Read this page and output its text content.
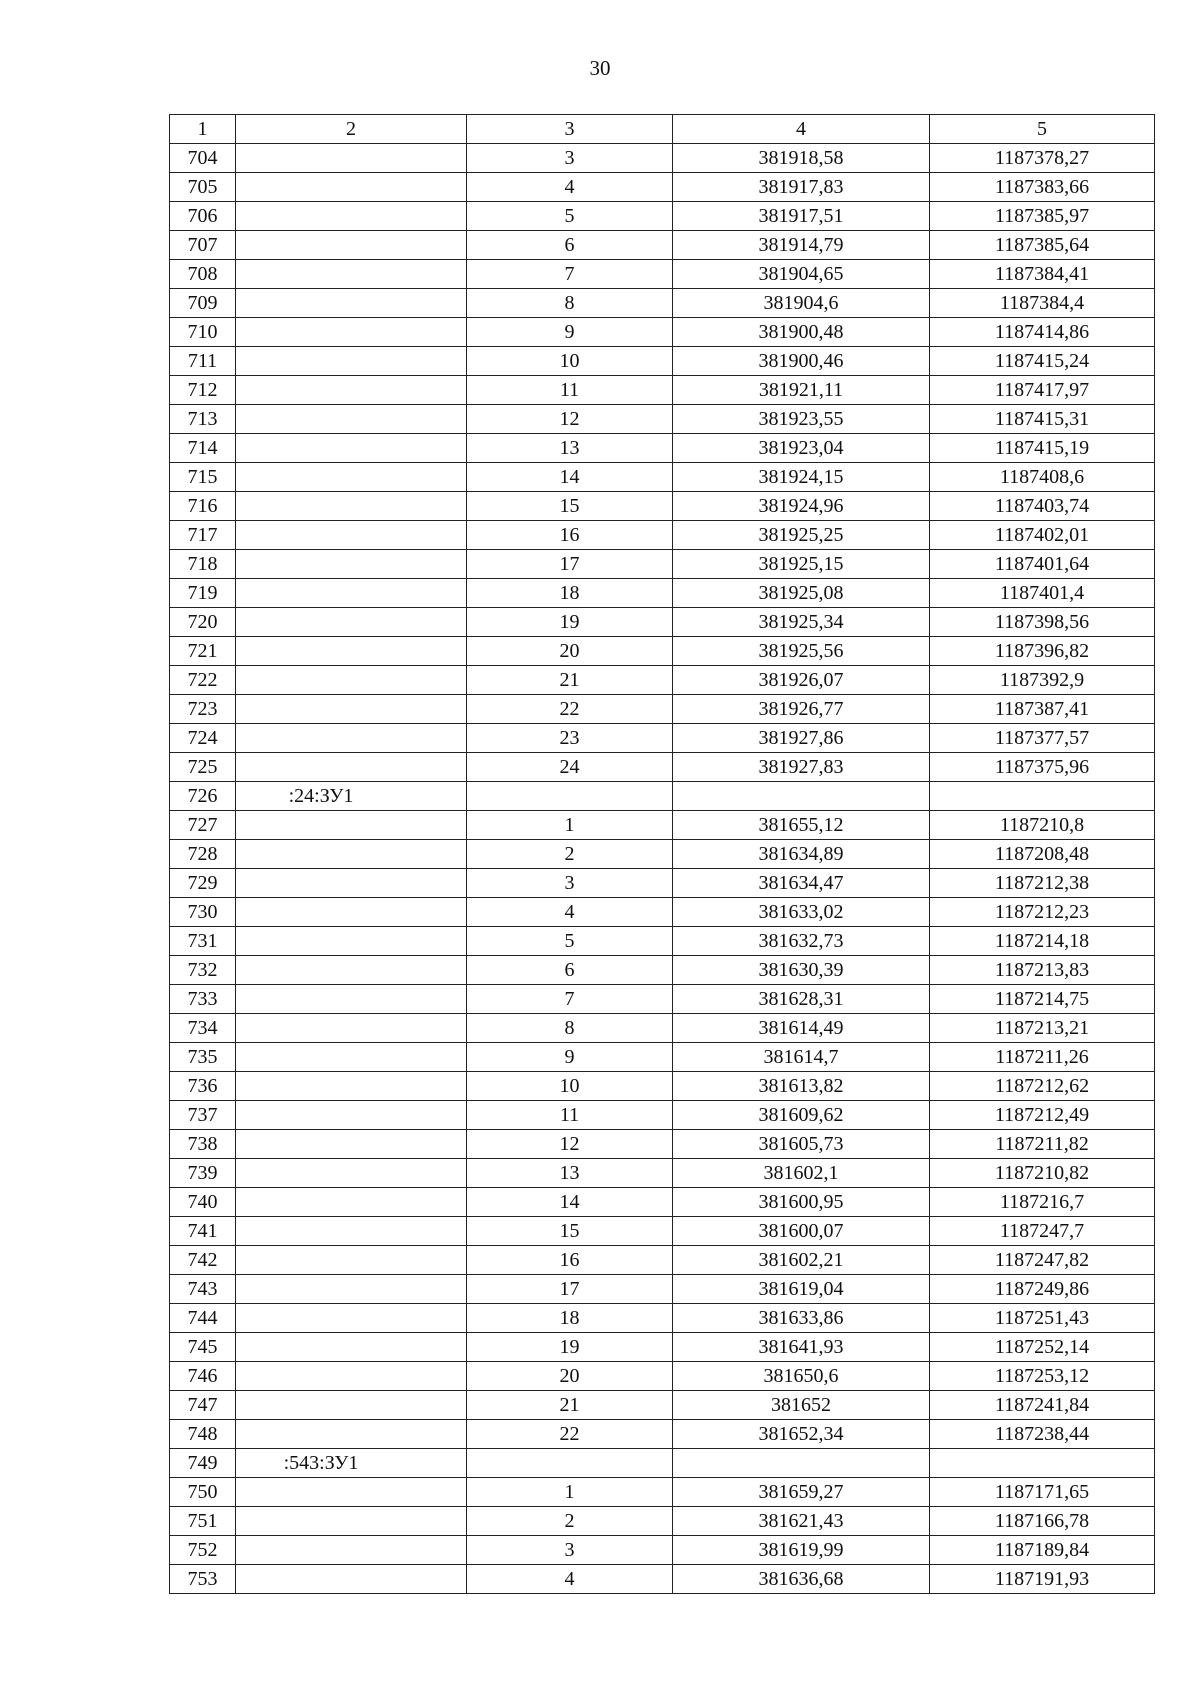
30
1	2	3	4	5
704		3	381918,58	1187378,27
705		4	381917,83	1187383,66
706		5	381917,51	1187385,97
707		6	381914,79	1187385,64
708		7	381904,65	1187384,41
709		8	381904,6	1187384,4
710		9	381900,48	1187414,86
711		10	381900,46	1187415,24
712		11	381921,11	1187417,97
713		12	381923,55	1187415,31
714		13	381923,04	1187415,19
715		14	381924,15	1187408,6
716		15	381924,96	1187403,74
717		16	381925,25	1187402,01
718		17	381925,15	1187401,64
719		18	381925,08	1187401,4
720		19	381925,34	1187398,56
721		20	381925,56	1187396,82
722		21	381926,07	1187392,9
723		22	381926,77	1187387,41
724		23	381927,86	1187377,57
725		24	381927,83	1187375,96
726	:24:ЗУ1			
727		1	381655,12	1187210,8
728		2	381634,89	1187208,48
729		3	381634,47	1187212,38
730		4	381633,02	1187212,23
731		5	381632,73	1187214,18
732		6	381630,39	1187213,83
733		7	381628,31	1187214,75
734		8	381614,49	1187213,21
735		9	381614,7	1187211,26
736		10	381613,82	1187212,62
737		11	381609,62	1187212,49
738		12	381605,73	1187211,82
739		13	381602,1	1187210,82
740		14	381600,95	1187216,7
741		15	381600,07	1187247,7
742		16	381602,21	1187247,82
743		17	381619,04	1187249,86
744		18	381633,86	1187251,43
745		19	381641,93	1187252,14
746		20	381650,6	1187253,12
747		21	381652	1187241,84
748		22	381652,34	1187238,44
749	:543:ЗУ1			
750		1	381659,27	1187171,65
751		2	381621,43	1187166,78
752		3	381619,99	1187189,84
753		4	381636,68	1187191,93
